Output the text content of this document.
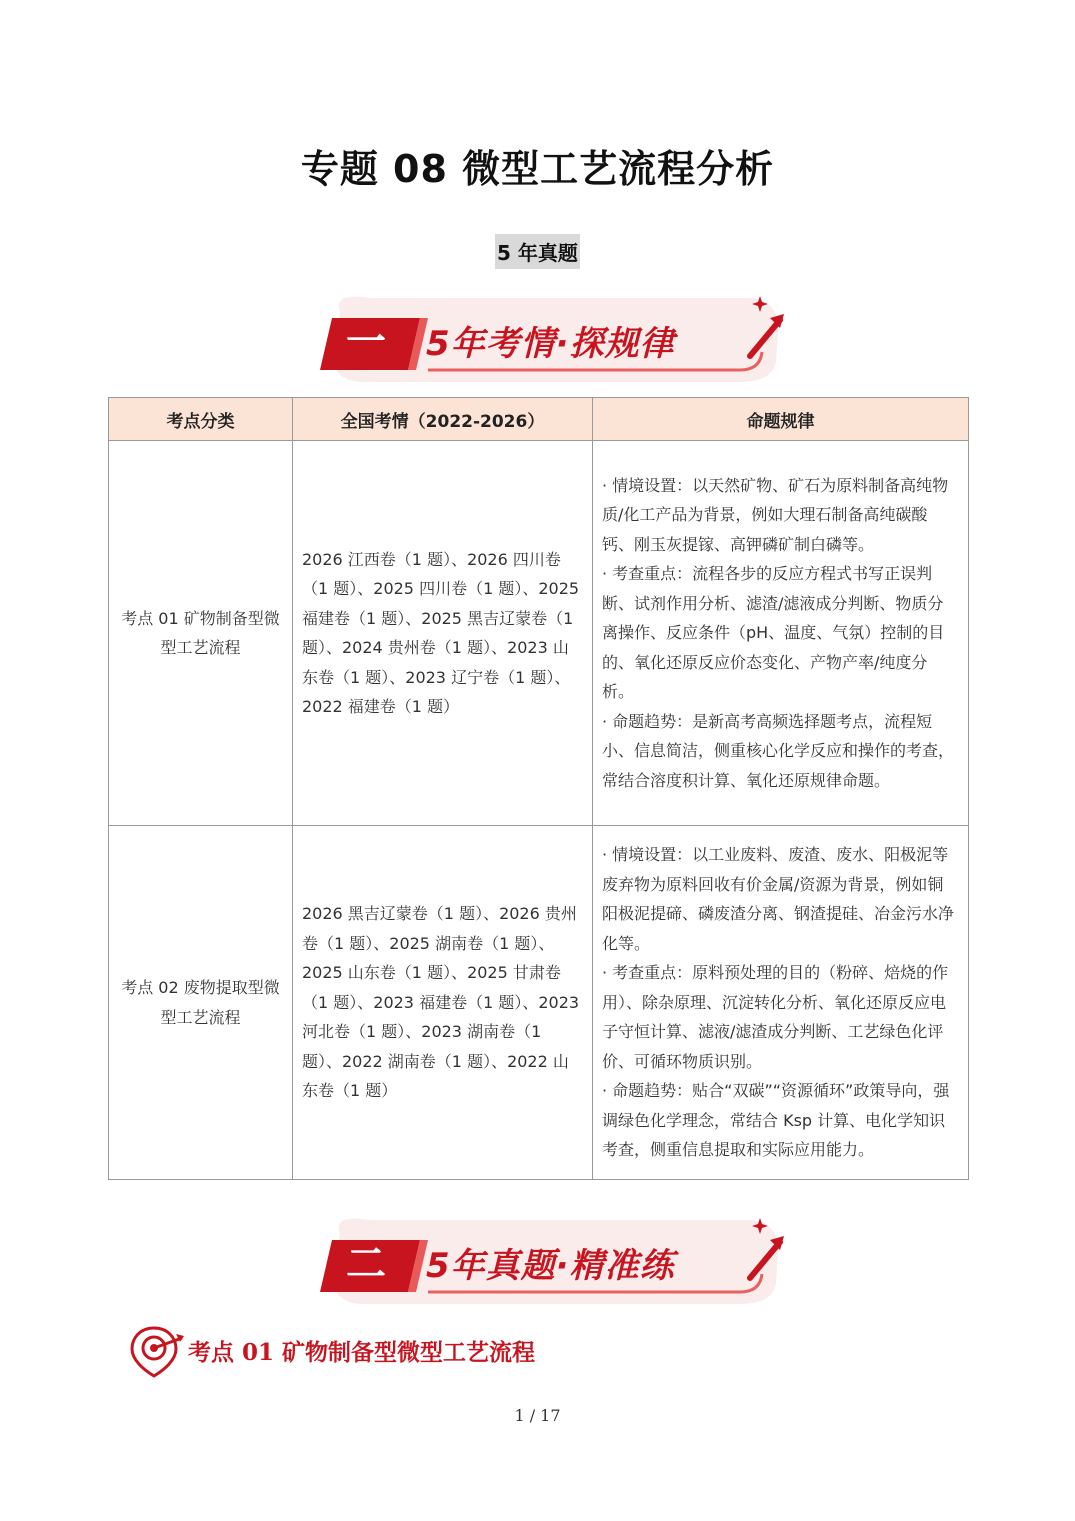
专题 08 微型工艺流程分析
5 年真题
一 5年考情·探规律
考点分类	全国考情（2022-2026）	命题规律
考点 01 矿物制备型微型工艺流程	2026 江西卷（1 题）、2026 四川卷（1 题）、2025 四川卷（1 题）、2025 福建卷（1 题）、2025 黑吉辽蒙卷（1 题）、2024 贵州卷（1 题）、2023 山东卷（1 题）、2023 辽宁卷（1 题）、2022 福建卷（1 题）	· 情境设置：以天然矿物、矿石为原料制备高纯物质/化工产品为背景，例如大理石制备高纯碳酸钙、刚玉灰提镓、高钾磷矿制白磷等。

· 考查重点：流程各步的反应方程式书写正误判断、试剂作用分析、滤渣/滤液成分判断、物质分离操作、反应条件（pH、温度、气氛）控制的目的、氧化还原反应价态变化、产物产率/纯度分析。

· 命题趋势：是新高考高频选择题考点，流程短小、信息简洁，侧重核心化学反应和操作的考查，常结合溶度积计算、氧化还原规律命题。

考点 02 废物提取型微型工艺流程	2026 黑吉辽蒙卷（1 题）、2026 贵州卷（1 题）、2025 湖南卷（1 题）、2025 山东卷（1 题）、2025 甘肃卷（1 题）、2023 福建卷（1 题）、2023 河北卷（1 题）、2023 湖南卷（1 题）、2022 湖南卷（1 题）、2022 山东卷（1 题）	· 情境设置：以工业废料、废渣、废水、阳极泥等废弃物为原料回收有价金属/资源为背景，例如铜阳极泥提碲、磷废渣分离、钢渣提硅、冶金污水净化等。

· 考查重点：原料预处理的目的（粉碎、焙烧的作用）、除杂原理、沉淀转化分析、氧化还原反应电子守恒计算、滤液/滤渣成分判断、工艺绿色化评价、可循环物质识别。

· 命题趋势：贴合“双碳”“资源循环”政策导向，强调绿色化学理念，常结合 Ksp 计算、电化学知识考查，侧重信息提取和实际应用能力。

二 5年真题·精准练
考点 01 矿物制备型微型工艺流程
1 / 17
